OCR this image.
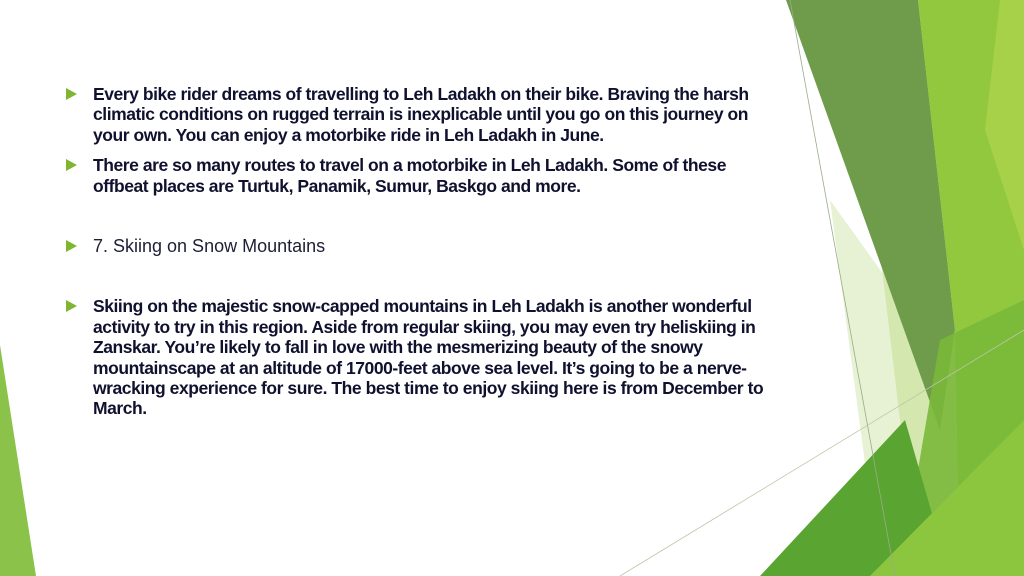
Every bike rider dreams of travelling to Leh Ladakh on their bike. Braving the harsh climatic conditions on rugged terrain is inexplicable until you go on this journey on your own. You can enjoy a motorbike ride in Leh Ladakh in June.
There are so many routes to travel on a motorbike in Leh Ladakh. Some of these offbeat places are Turtuk, Panamik, Sumur, Baskgo and more.
7. Skiing on Snow Mountains
Skiing on the majestic snow-capped mountains in Leh Ladakh is another wonderful activity to try in this region. Aside from regular skiing, you may even try heliskiing in Zanskar. You’re likely to fall in love with the mesmerizing beauty of the snowy mountainscape at an altitude of 17000-feet above sea level. It’s going to be a nerve-wracking experience for sure. The best time to enjoy skiing here is from December to March.
